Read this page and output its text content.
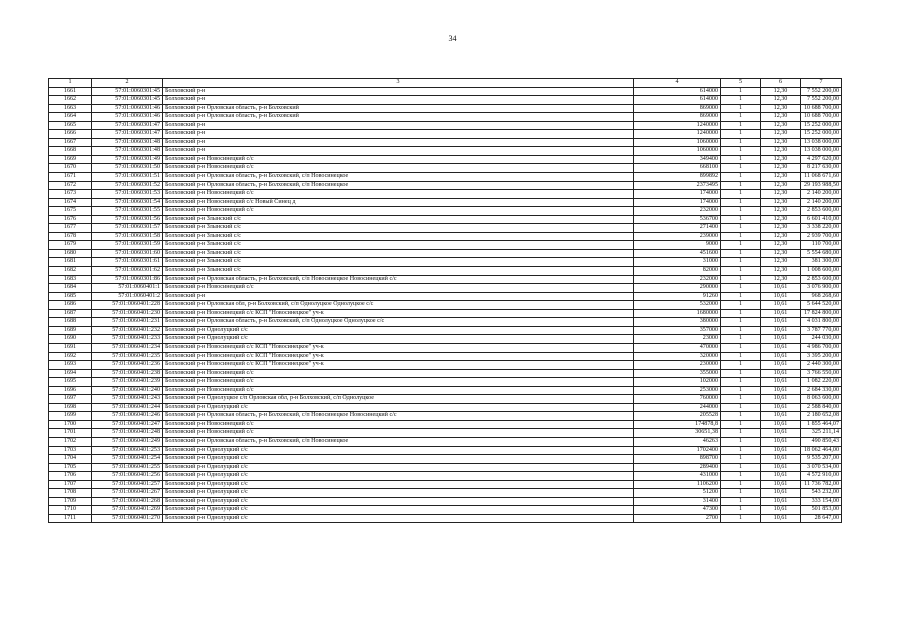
34
1	2	3	4	5	6	7
1661	57:01:0060301:45	Болховский р-н	614000	1	12,30	7 552 200,00
1662	57:01:0060301:45	Болховский р-н	614000	1	12,30	7 552 200,00
1663	57:01:0060301:46	Болховский р-н Орловская область, р-н Болховский	869000	1	12,30	10 688 700,00
1664	57:01:0060301:46	Болховский р-н Орловская область, р-н Болховский	869000	1	12,30	10 688 700,00
1665	57:01:0060301:47	Болховский р-н	1240000	1	12,30	15 252 000,00
1666	57:01:0060301:47	Болховский р-н	1240000	1	12,30	15 252 000,00
1667	57:01:0060301:48	Болховский р-н	1060000	1	12,30	13 038 000,00
1668	57:01:0060301:48	Болховский р-н	1060000	1	12,30	13 038 000,00
1669	57:01:0060301:49	Болховский р-н Новосинецкий с/с	349400	1	12,30	4 297 620,00
1670	57:01:0060301:50	Болховский р-н Новосинецкий с/с	668100	1	12,30	8 217 630,00
1671	57:01:0060301:51	Болховский р-н Орловская область, р-н Болховский, с/п Новосинецкое	899892	1	12,30	11 068 671,60
1672	57:01:0060301:52	Болховский р-н Орловская область, р-н Болховский, с/п Новосинецкое	2373495	1	12,30	29 193 988,50
1673	57:01:0060301:53	Болховский р-н Новосинецкий с/с	174000	1	12,30	2 140 200,00
1674	57:01:0060301:54	Болховский р-н Новосинецкий с/с Новый Синец д	174000	1	12,30	2 140 200,00
1675	57:01:0060301:55	Болховский р-н Новосинецкий с/с	232000	1	12,30	2 853 600,00
1676	57:01:0060301:56	Болховский р-н Злынский с/с	536700	1	12,30	6 601 410,00
1677	57:01:0060301:57	Болховский р-н Злынский с/с	271400	1	12,30	3 338 220,00
1678	57:01:0060301:58	Болховский р-н Злынский с/с	239000	1	12,30	2 939 700,00
1679	57:01:0060301:59	Болховский р-н Злынский с/с	9000	1	12,30	110 700,00
1680	57:01:0060301:60	Болховский р-н Злынский с/с	451600	1	12,30	5 554 680,00
1681	57:01:0060301:61	Болховский р-н Злынский с/с	31000	1	12,30	381 300,00
1682	57:01:0060301:62	Болховский р-н Злынский с/с	82000	1	12,30	1 008 600,00
1683	57:01:0060301:86	Болховский р-н Орловская область, р-н Болховский, с/п Новосинецкое Новосинецкий с/с	232000	1	12,30	2 853 600,00
1684	57:01:0060401:1	Болховский р-н Новосинецкий с/с	290000	1	10,61	3 076 900,00
1685	57:01:0060401:2	Болховский р-н	91260	1	10,61	968 268,60
1686	57:01:0060401:228	Болховский р-н Орловская обл, р-н Болховский, с/п Однолуцкое Однолуцкое с/с	532000	1	10,61	5 644 520,00
1687	57:01:0060401:230	Болховский р-н Новосинецкий с/с КСП "Новосинецкое" уч-к	1680000	1	10,61	17 824 800,00
1688	57:01:0060401:231	Болховский р-н Орловская область, р-н Болховский, с/п Однолуцкое Однолуцкое с/с	380000	1	10,61	4 031 800,00
1689	57:01:0060401:232	Болховский р-н Однолуцкий с/с	357000	1	10,61	3 787 770,00
1690	57:01:0060401:233	Болховский р-н Однолуцкий с/с	23000	1	10,61	244 030,00
1691	57:01:0060401:234	Болховский р-н Новосинецкий с/с КСП "Новосинецкое" уч-к	470000	1	10,61	4 986 700,00
1692	57:01:0060401:235	Болховский р-н Новосинецкий с/с КСП "Новосинецкое" уч-к	320000	1	10,61	3 395 200,00
1693	57:01:0060401:236	Болховский р-н Новосинецкий с/с КСП "Новосинецкое" уч-к	230000	1	10,61	2 440 300,00
1694	57:01:0060401:238	Болховский р-н Новосинецкий с/с	355000	1	10,61	3 766 550,00
1695	57:01:0060401:239	Болховский р-н Новосинецкий с/с	102000	1	10,61	1 082 220,00
1696	57:01:0060401:240	Болховский р-н Новосинецкий с/с	253000	1	10,61	2 684 330,00
1697	57:01:0060401:243	Болховский р-н Однолуцкое с/п Орловская обл, р-н Болховский, с/п Однолуцкое	760000	1	10,61	8 063 600,00
1698	57:01:0060401:244	Болховский р-н Однолуцкий с/с	244000	1	10,61	2 588 840,00
1699	57:01:0060401:246	Болховский р-н Орловская область, р-н Болховский, с/п Новосинецкое Новосинецкий с/с	205528	1	10,61	2 180 652,08
1700	57:01:0060401:247	Болховский р-н Новосинецкий с/с	174878,8	1	10,61	1 855 464,07
1701	57:01:0060401:248	Болховский р-н Новосинецкий с/с	30651,38	1	10,61	325 211,14
1702	57:01:0060401:249	Болховский р-н Орловская область, р-н Болховский, с/п Новосинецкое	46263	1	10,61	490 850,43
1703	57:01:0060401:253	Болховский р-н Однолуцкий с/с	1702400	1	10,61	18 062 464,00
1704	57:01:0060401:254	Болховский р-н Однолуцкий с/с	898700	1	10,61	9 535 207,00
1705	57:01:0060401:255	Болховский р-н Однолуцкий с/с	289400	1	10,61	3 070 534,00
1706	57:01:0060401:256	Болховский р-н Однолуцкий с/с	431000	1	10,61	4 572 910,00
1707	57:01:0060401:257	Болховский р-н Однолуцкий с/с	1106200	1	10,61	11 736 782,00
1708	57:01:0060401:267	Болховский р-н Однолуцкий с/с	51200	1	10,61	543 232,00
1709	57:01:0060401:268	Болховский р-н Однолуцкий с/с	31400	1	10,61	333 154,00
1710	57:01:0060401:269	Болховский р-н Однолуцкий с/с	47300	1	10,61	501 853,00
1711	57:01:0060401:270	Болховский р-н Однолуцкий с/с	2700	1	10,61	28 647,00
